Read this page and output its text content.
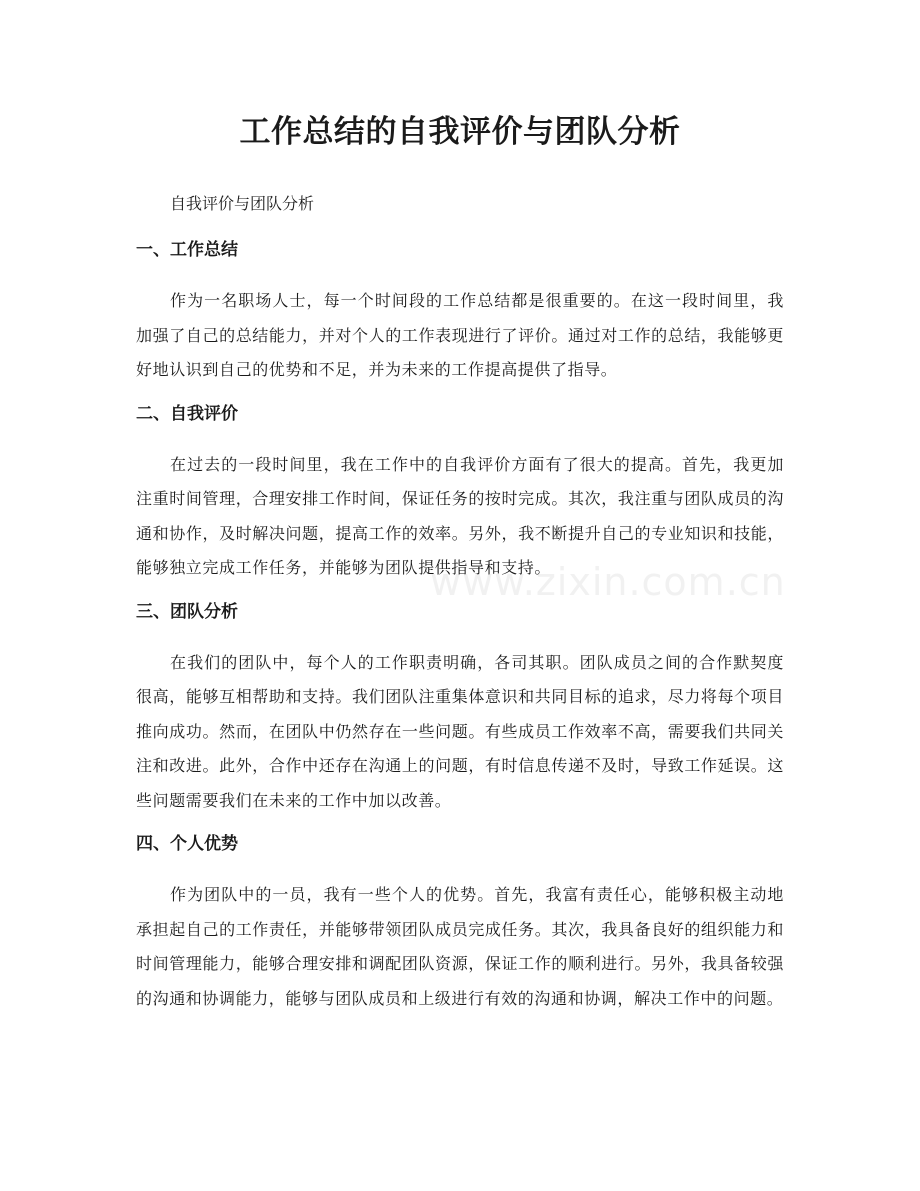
工作总结的自我评价与团队分析

自我评价与团队分析

一、工作总结

作为一名职场人士，每一个时间段的工作总结都是很重要的。在这一段时间里，我加强了自己的总结能力，并对个人的工作表现进行了评价。通过对工作的总结，我能够更好地认识到自己的优势和不足，并为未来的工作提高提供了指导。

二、自我评价

在过去的一段时间里，我在工作中的自我评价方面有了很大的提高。首先，我更加注重时间管理，合理安排工作时间，保证任务的按时完成。其次，我注重与团队成员的沟通和协作，及时解决问题，提高工作的效率。另外，我不断提升自己的专业知识和技能，能够独立完成工作任务，并能够为团队提供指导和支持。

三、团队分析

在我们的团队中，每个人的工作职责明确，各司其职。团队成员之间的合作默契度很高，能够互相帮助和支持。我们团队注重集体意识和共同目标的追求，尽力将每个项目推向成功。然而，在团队中仍然存在一些问题。有些成员工作效率不高，需要我们共同关注和改进。此外，合作中还存在沟通上的问题，有时信息传递不及时，导致工作延误。这些问题需要我们在未来的工作中加以改善。

四、个人优势

作为团队中的一员，我有一些个人的优势。首先，我富有责任心，能够积极主动地承担起自己的工作责任，并能够带领团队成员完成任务。其次，我具备良好的组织能力和时间管理能力，能够合理安排和调配团队资源，保证工作的顺利进行。另外，我具备较强的沟通和协调能力，能够与团队成员和上级进行有效的沟通和协调，解决工作中的问题。

www.zixin.com.cn
